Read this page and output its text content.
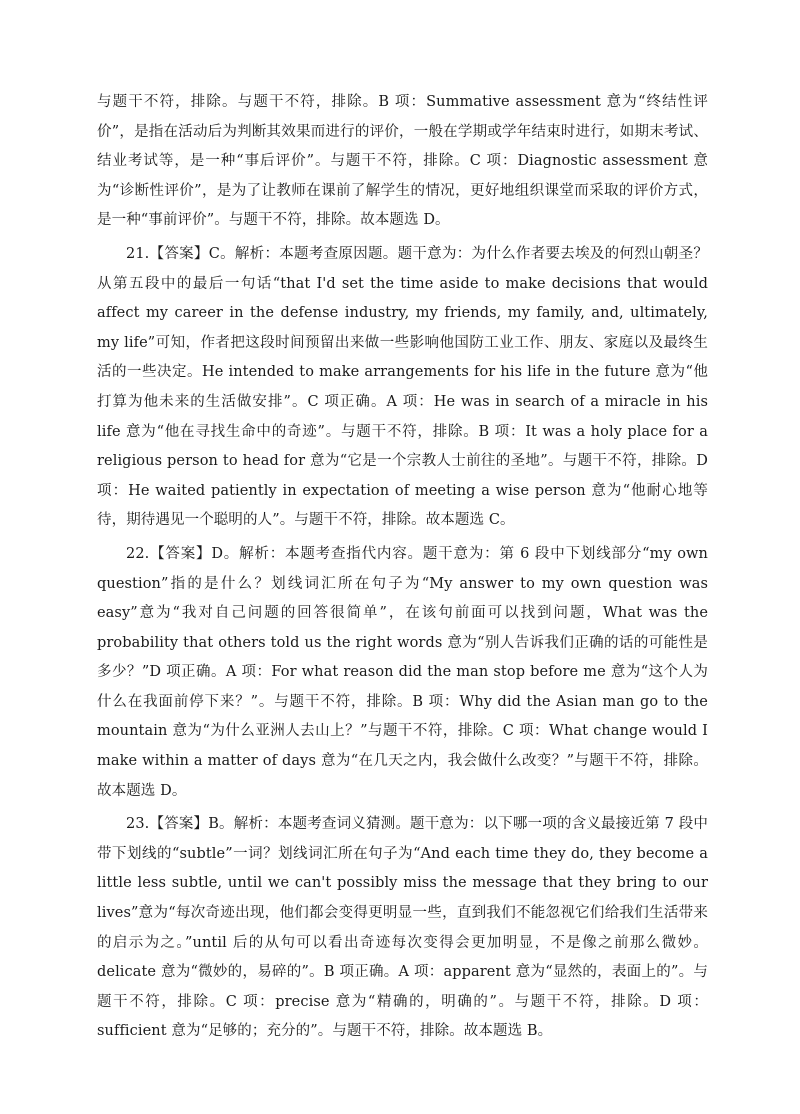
与题干不符，排除。与题干不符，排除。B 项：Summative assessment 意为“终结性评价”，是指在活动后为判断其效果而进行的评价，一般在学期或学年结束时进行，如期末考试、结业考试等，是一种“事后评价”。与题干不符，排除。C 项：Diagnostic assessment 意为“诊断性评价”，是为了让教师在课前了解学生的情况，更好地组织课堂而采取的评价方式，是一种“事前评价”。与题干不符，排除。故本题选 D。

21.【答案】C。解析：本题考查原因题。题干意为：为什么作者要去埃及的何烈山朝圣？从第五段中的最后一句话“that I'd set the time aside to make decisions that would affect my career in the defense industry, my friends, my family, and, ultimately, my life”可知，作者把这段时间预留出来做一些影响他国防工业工作、朋友、家庭以及最终生活的一些决定。He intended to make arrangements for his life in the future 意为“他打算为他未来的生活做安排”。C 项正确。A 项：He was in search of a miracle in his life 意为“他在寻找生命中的奇迹”。与题干不符，排除。B 项：It was a holy place for a religious person to head for 意为“它是一个宗教人士前往的圣地”。与题干不符，排除。D 项：He waited patiently in expectation of meeting a wise person 意为“他耐心地等待，期待遇见一个聪明的人”。与题干不符，排除。故本题选 C。

22.【答案】D。解析：本题考查指代内容。题干意为：第 6 段中下划线部分“my own question”指的是什么？划线词汇所在句子为“My answer to my own question was easy”意为“我对自己问题的回答很简单”，在该句前面可以找到问题，What was the probability that others told us the right words 意为“别人告诉我们正确的话的可能性是多少？”D 项正确。A 项：For what reason did the man stop before me 意为“这个人为什么在我面前停下来？”。与题干不符，排除。B 项：Why did the Asian man go to the mountain 意为“为什么亚洲人去山上？”与题干不符，排除。C 项：What change would I make within a matter of days 意为“在几天之内，我会做什么改变？”与题干不符，排除。故本题选 D。

23.【答案】B。解析：本题考查词义猜测。题干意为：以下哪一项的含义最接近第 7 段中带下划线的“subtle”一词？划线词汇所在句子为“And each time they do, they become a little less subtle, until we can't possibly miss the message that they bring to our lives”意为“每次奇迹出现，他们都会变得更明显一些，直到我们不能忽视它们给我们生活带来的启示为之。”until 后的从句可以看出奇迹每次变得会更加明显，不是像之前那么微妙。delicate 意为“微妙的，易碎的”。B 项正确。A 项：apparent 意为“显然的，表面上的”。与题干不符，排除。C 项：precise 意为“精确的，明确的”。与题干不符，排除。D 项：sufficient 意为“足够的；充分的”。与题干不符，排除。故本题选 B。
